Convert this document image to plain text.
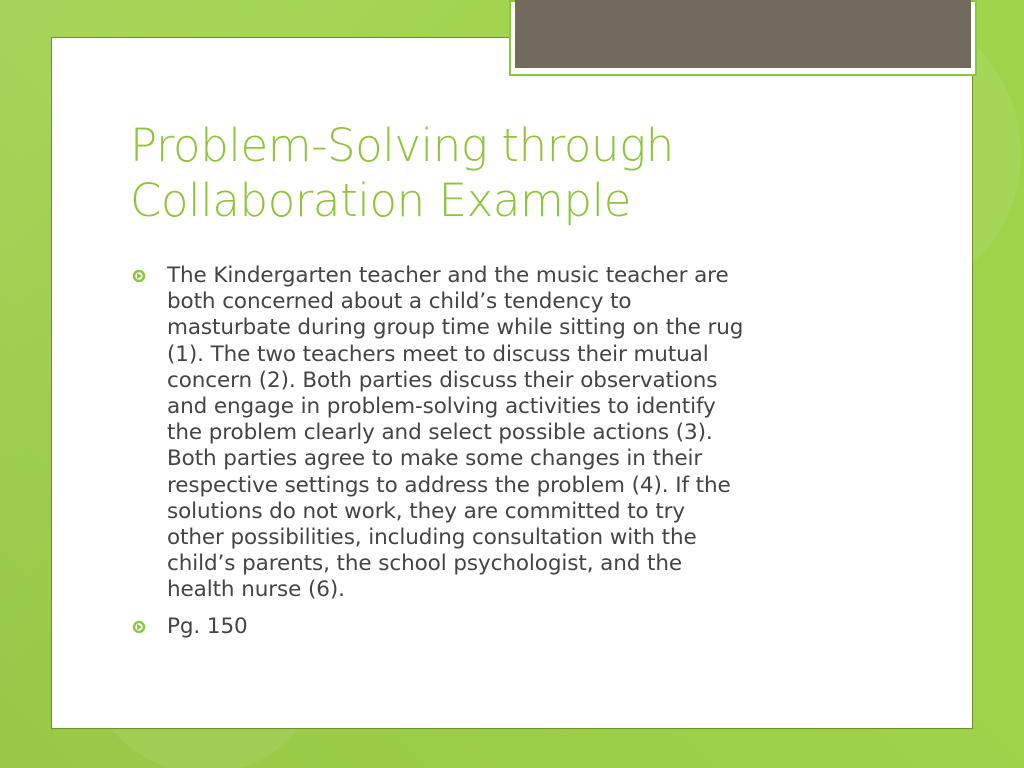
Problem-Solving through
Collaboration Example
The Kindergarten teacher and the music teacher are
both concerned about a child’s tendency to
masturbate during group time while sitting on the rug
(1). The two teachers meet to discuss their mutual
concern (2). Both parties discuss their observations
and engage in problem-solving activities to identify
the problem clearly and select possible actions (3).
Both parties agree to make some changes in their
respective settings to address the problem (4). If the
solutions do not work, they are committed to try
other possibilities, including consultation with the
child’s parents, the school psychologist, and the
health nurse (6).
Pg. 150
